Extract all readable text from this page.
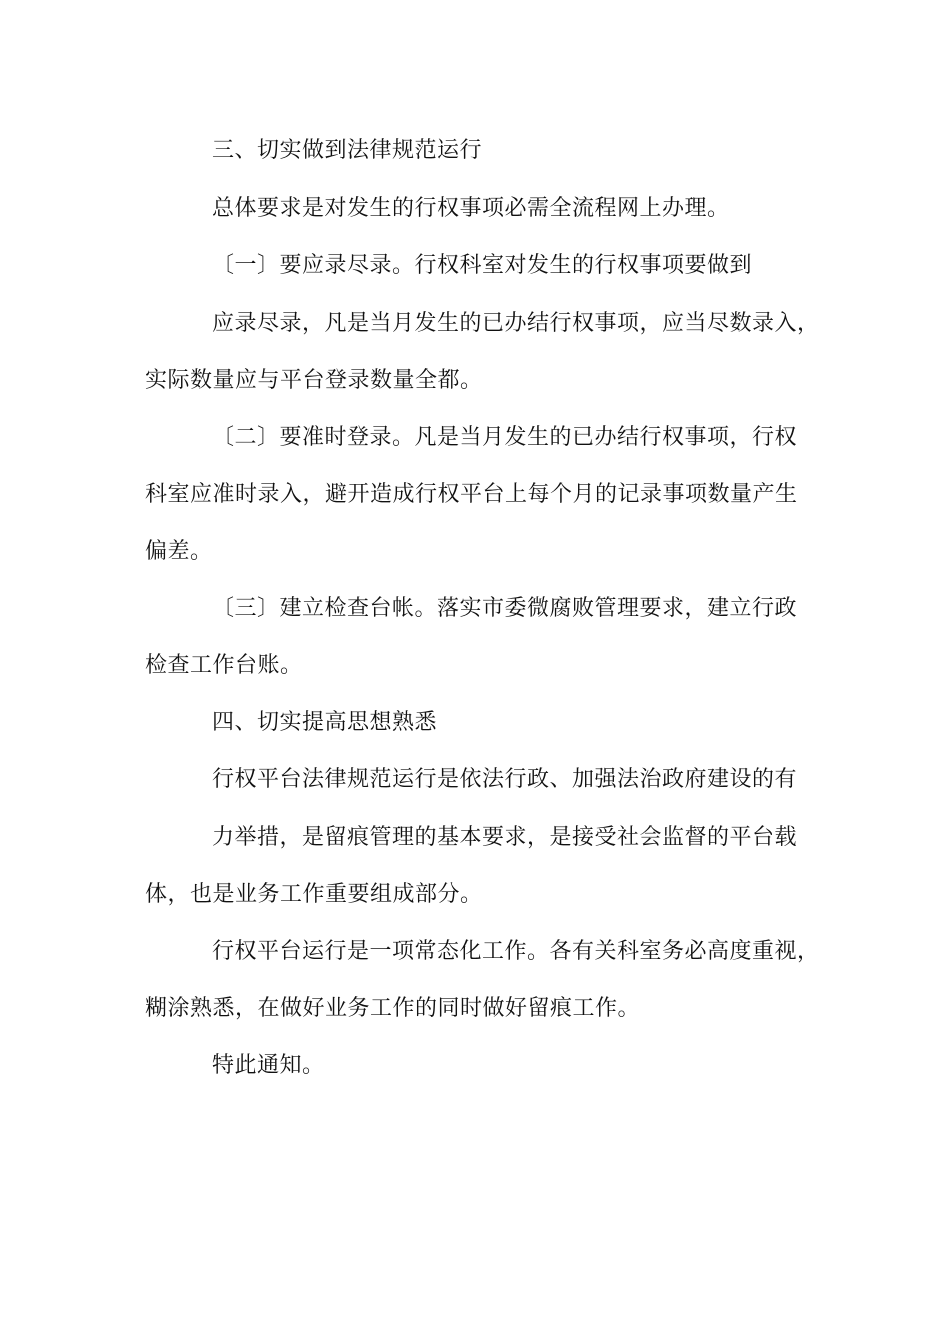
三、切实做到法律规范运行
总体要求是对发生的行权事项必需全流程网上办理。
〔一〕要应录尽录。行权科室对发生的行权事项要做到
应录尽录，凡是当月发生的已办结行权事项，应当尽数录入，
实际数量应与平台登录数量全都。
〔二〕要准时登录。凡是当月发生的已办结行权事项，行权
科室应准时录入，避开造成行权平台上每个月的记录事项数量产生
偏差。
〔三〕建立检查台帐。落实市委微腐败管理要求，建立行政
检查工作台账。
四、切实提高思想熟悉
行权平台法律规范运行是依法行政、加强法治政府建设的有
力举措，是留痕管理的基本要求，是接受社会监督的平台载
体，也是业务工作重要组成部分。
行权平台运行是一项常态化工作。各有关科室务必高度重视，
糊涂熟悉，在做好业务工作的同时做好留痕工作。
特此通知。
